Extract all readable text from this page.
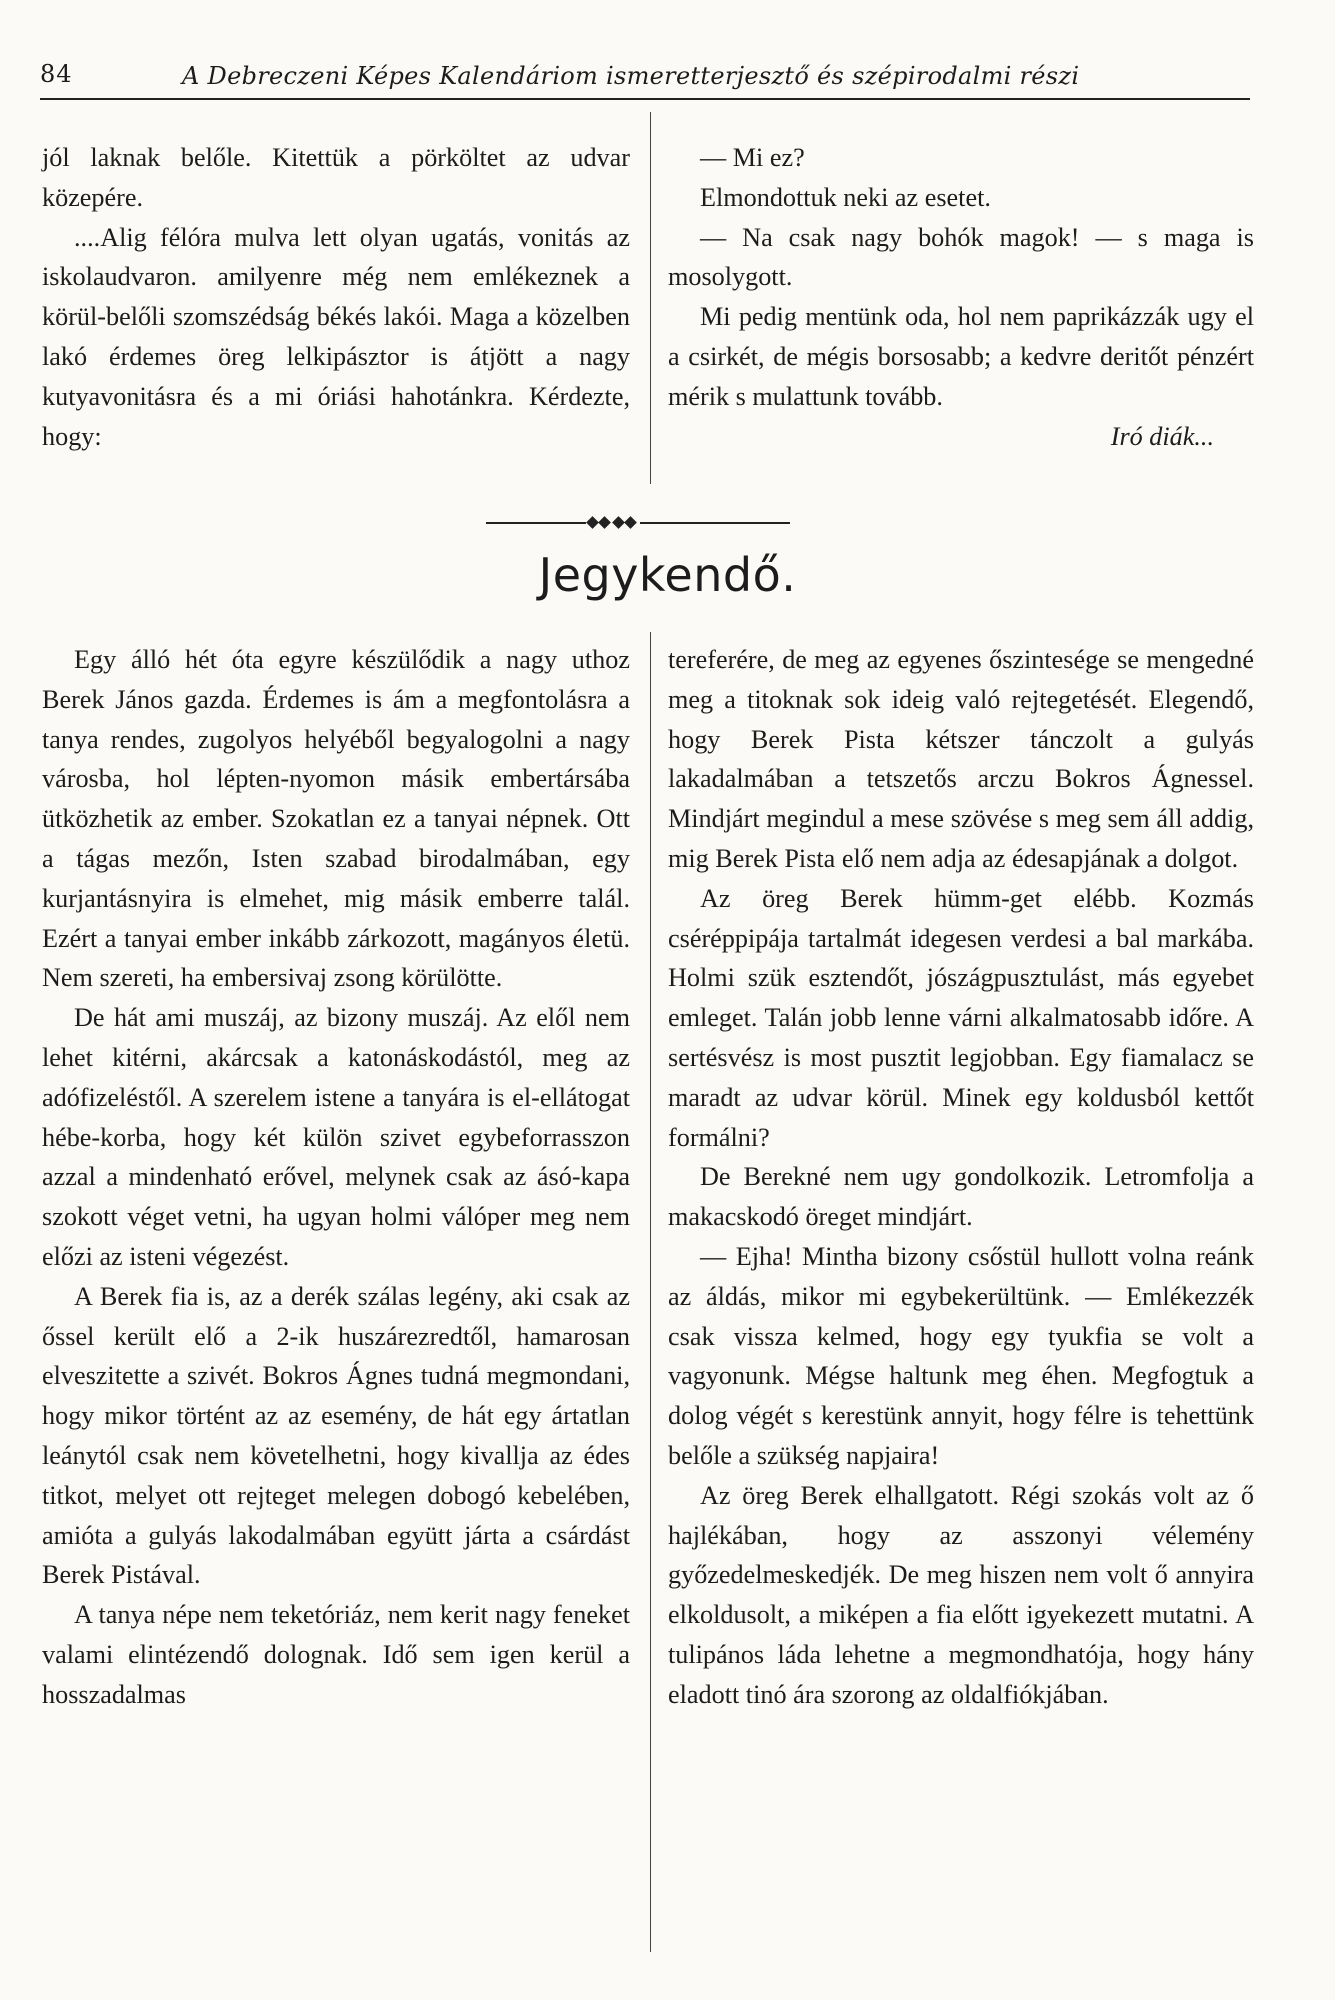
84	A Debreczeni Képes Kalendáriom ismeretterjesztő és szépirodalmi részi

jól laknak belőle. Kitettük a pörköltet az udvar közepére.

....Alig félóra mulva lett olyan ugatás, vonitás az iskolaudvaron. amilyenre még nem emlékeznek a körül-belőli szomszédság békés lakói. Maga a közelben lakó érdemes öreg lelkipásztor is átjött a nagy kutyavonitásra és a mi óriási hahotánkra. Kérdezte, hogy:

— Mi ez?

Elmondottuk neki az esetet.

— Na csak nagy bohók magok! — s maga is mosolygott.

Mi pedig mentünk oda, hol nem paprikázzák ugy el a csirkét, de mégis borsosabb; a kedvre deritőt pénzért mérik s mulattunk tovább.

Iró diák...

Jegykendő.

Egy álló hét óta egyre készülődik a nagy uthoz Berek János gazda. Érdemes is ám a megfontolásra a tanya rendes, zugolyos helyéből begyalogolni a nagy városba, hol lépten-nyomon másik embertársába ütközhetik az ember. Szokatlan ez a tanyai népnek. Ott a tágas mezőn, Isten szabad birodalmában, egy kurjantásnyira is elmehet, mig másik emberre talál. Ezért a tanyai ember inkább zárkozott, magányos életü. Nem szereti, ha embersivaj zsong körülötte.

De hát ami muszáj, az bizony muszáj. Az elől nem lehet kitérni, akárcsak a katonáskodástól, meg az adófizeléstől. A szerelem istene a tanyára is el-ellátogat hébe-korba, hogy két külön szivet egybeforrasszon azzal a mindenható erővel, melynek csak az ásó-kapa szokott véget vetni, ha ugyan holmi válóper meg nem előzi az isteni végezést.

A Berek fia is, az a derék szálas legény, aki csak az őssel került elő a 2-ik huszárezredtől, hamarosan elveszitette a szivét. Bokros Ágnes tudná megmondani, hogy mikor történt az az esemény, de hát egy ártatlan leánytól csak nem követelhetni, hogy kivallja az édes titkot, melyet ott rejteget melegen dobogó kebelében, amióta a gulyás lakodalmában együtt járta a csárdást Berek Pistával.

A tanya népe nem teketóriáz, nem kerit nagy feneket valami elintézendő dolognak. Idő sem igen kerül a hosszadalmas

tereferére, de meg az egyenes őszintesége se mengedné meg a titoknak sok ideig való rejtegetését. Elegendő, hogy Berek Pista kétszer tánczolt a gulyás lakadalmában a tetszetős arczu Bokros Ágnessel. Mindjárt megindul a mese szövése s meg sem áll addig, mig Berek Pista elő nem adja az édesapjának a dolgot.

Az öreg Berek hümm-get elébb. Kozmás cséréppipája tartalmát idegesen verdesi a bal markába. Holmi szük esztendőt, jószágpusztulást, más egyebet emleget. Talán jobb lenne várni alkalmatosabb időre. A sertésvész is most pusztit legjobban. Egy fiamalacz se maradt az udvar körül. Minek egy koldusból kettőt formálni?

De Berekné nem ugy gondolkozik. Letromfolja a makacskodó öreget mindjárt.

— Ejha! Mintha bizony csőstül hullott volna reánk az áldás, mikor mi egybekerültünk. — Emlékezzék csak vissza kelmed, hogy egy tyukfia se volt a vagyonunk. Mégse haltunk meg éhen. Megfogtuk a dolog végét s kerestünk annyit, hogy félre is tehettünk belőle a szükség napjaira!

Az öreg Berek elhallgatott. Régi szokás volt az ő hajlékában, hogy az asszonyi vélemény győzedelmeskedjék. De meg hiszen nem volt ő annyira elkoldusolt, a miképen a fia előtt igyekezett mutatni. A tulipános láda lehetne a megmondhatója, hogy hány eladott tinó ára szorong az oldalfiókjában.
